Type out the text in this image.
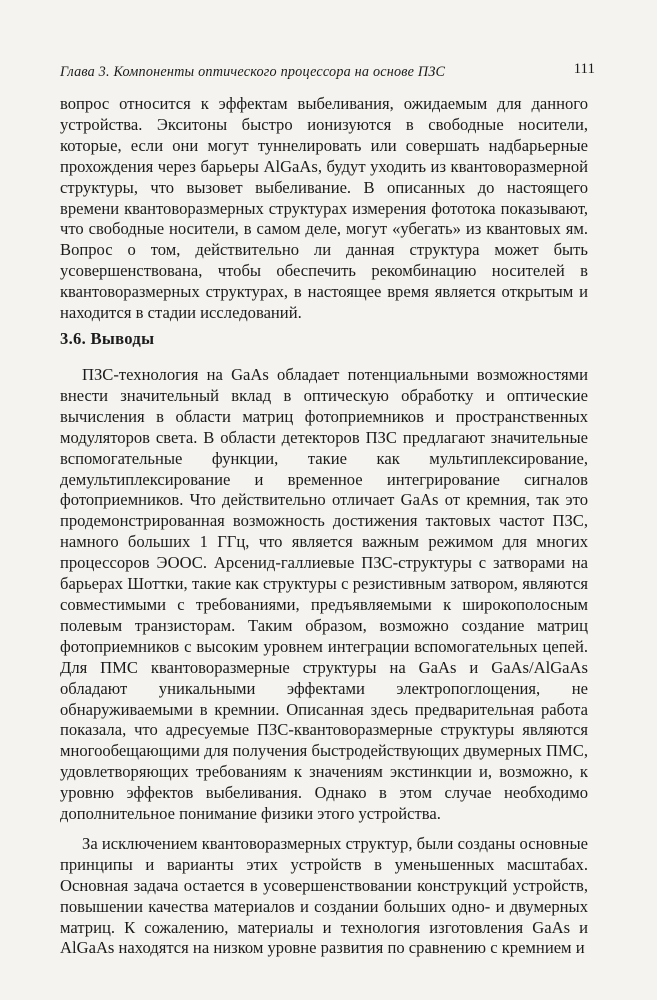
Глава 3. Компоненты оптического процессора на основе ПЗС	111

вопрос относится к эффектам выбеливания, ожидаемым для данного устройства. Экситоны быстро ионизуются в свободные носители, которые, если они могут туннелировать или совершать надбарьерные прохождения через барьеры AlGaAs, будут уходить из квантоворазмерной структуры, что вызовет выбеливание. В описанных до настоящего времени квантоворазмерных структурах измерения фототока показывают, что свободные носители, в самом деле, могут «убегать» из квантовых ям. Вопрос о том, действительно ли данная структура может быть усовершенствована, чтобы обеспечить рекомбинацию носителей в квантоворазмерных структурах, в настоящее время является открытым и находится в стадии исследований.

3.6. Выводы

ПЗС-технология на GaAs обладает потенциальными возможностями внести значительный вклад в оптическую обработку и оптические вычисления в области матриц фотоприемников и пространственных модуляторов света. В области детекторов ПЗС предлагают значительные вспомогательные функции, такие как мультиплексирование, демультиплексирование и временное интегрирование сигналов фотоприемников. Что действительно отличает GaAs от кремния, так это продемонстрированная возможность достижения тактовых частот ПЗС, намного больших 1 ГГц, что является важным режимом для многих процессоров ЭООС. Арсенид-галлиевые ПЗС-структуры с затворами на барьерах Шоттки, такие как структуры с резистивным затвором, являются совместимыми с требованиями, предъявляемыми к широкополосным полевым транзисторам. Таким образом, возможно создание матриц фотоприемников с высоким уровнем интеграции вспомогательных цепей. Для ПМС квантоворазмерные структуры на GaAs и GaAs/AlGaAs обладают уникальными эффектами электропоглощения, не обнаруживаемыми в кремнии. Описанная здесь предварительная работа показала, что адресуемые ПЗС-квантоворазмерные структуры являются многообещающими для получения быстродействующих двумерных ПМС, удовлетворяющих требованиям к значениям экстинкции и, возможно, к уровню эффектов выбеливания. Однако в этом случае необходимо дополнительное понимание физики этого устройства.

За исключением квантоворазмерных структур, были созданы основные принципы и варианты этих устройств в уменьшенных масштабах. Основная задача остается в усовершенствовании конструкций устройств, повышении качества материалов и создании больших одно- и двумерных матриц. К сожалению, материалы и технология изготовления GaAs и AlGaAs находятся на низком уровне развития по сравнению с кремнием и
